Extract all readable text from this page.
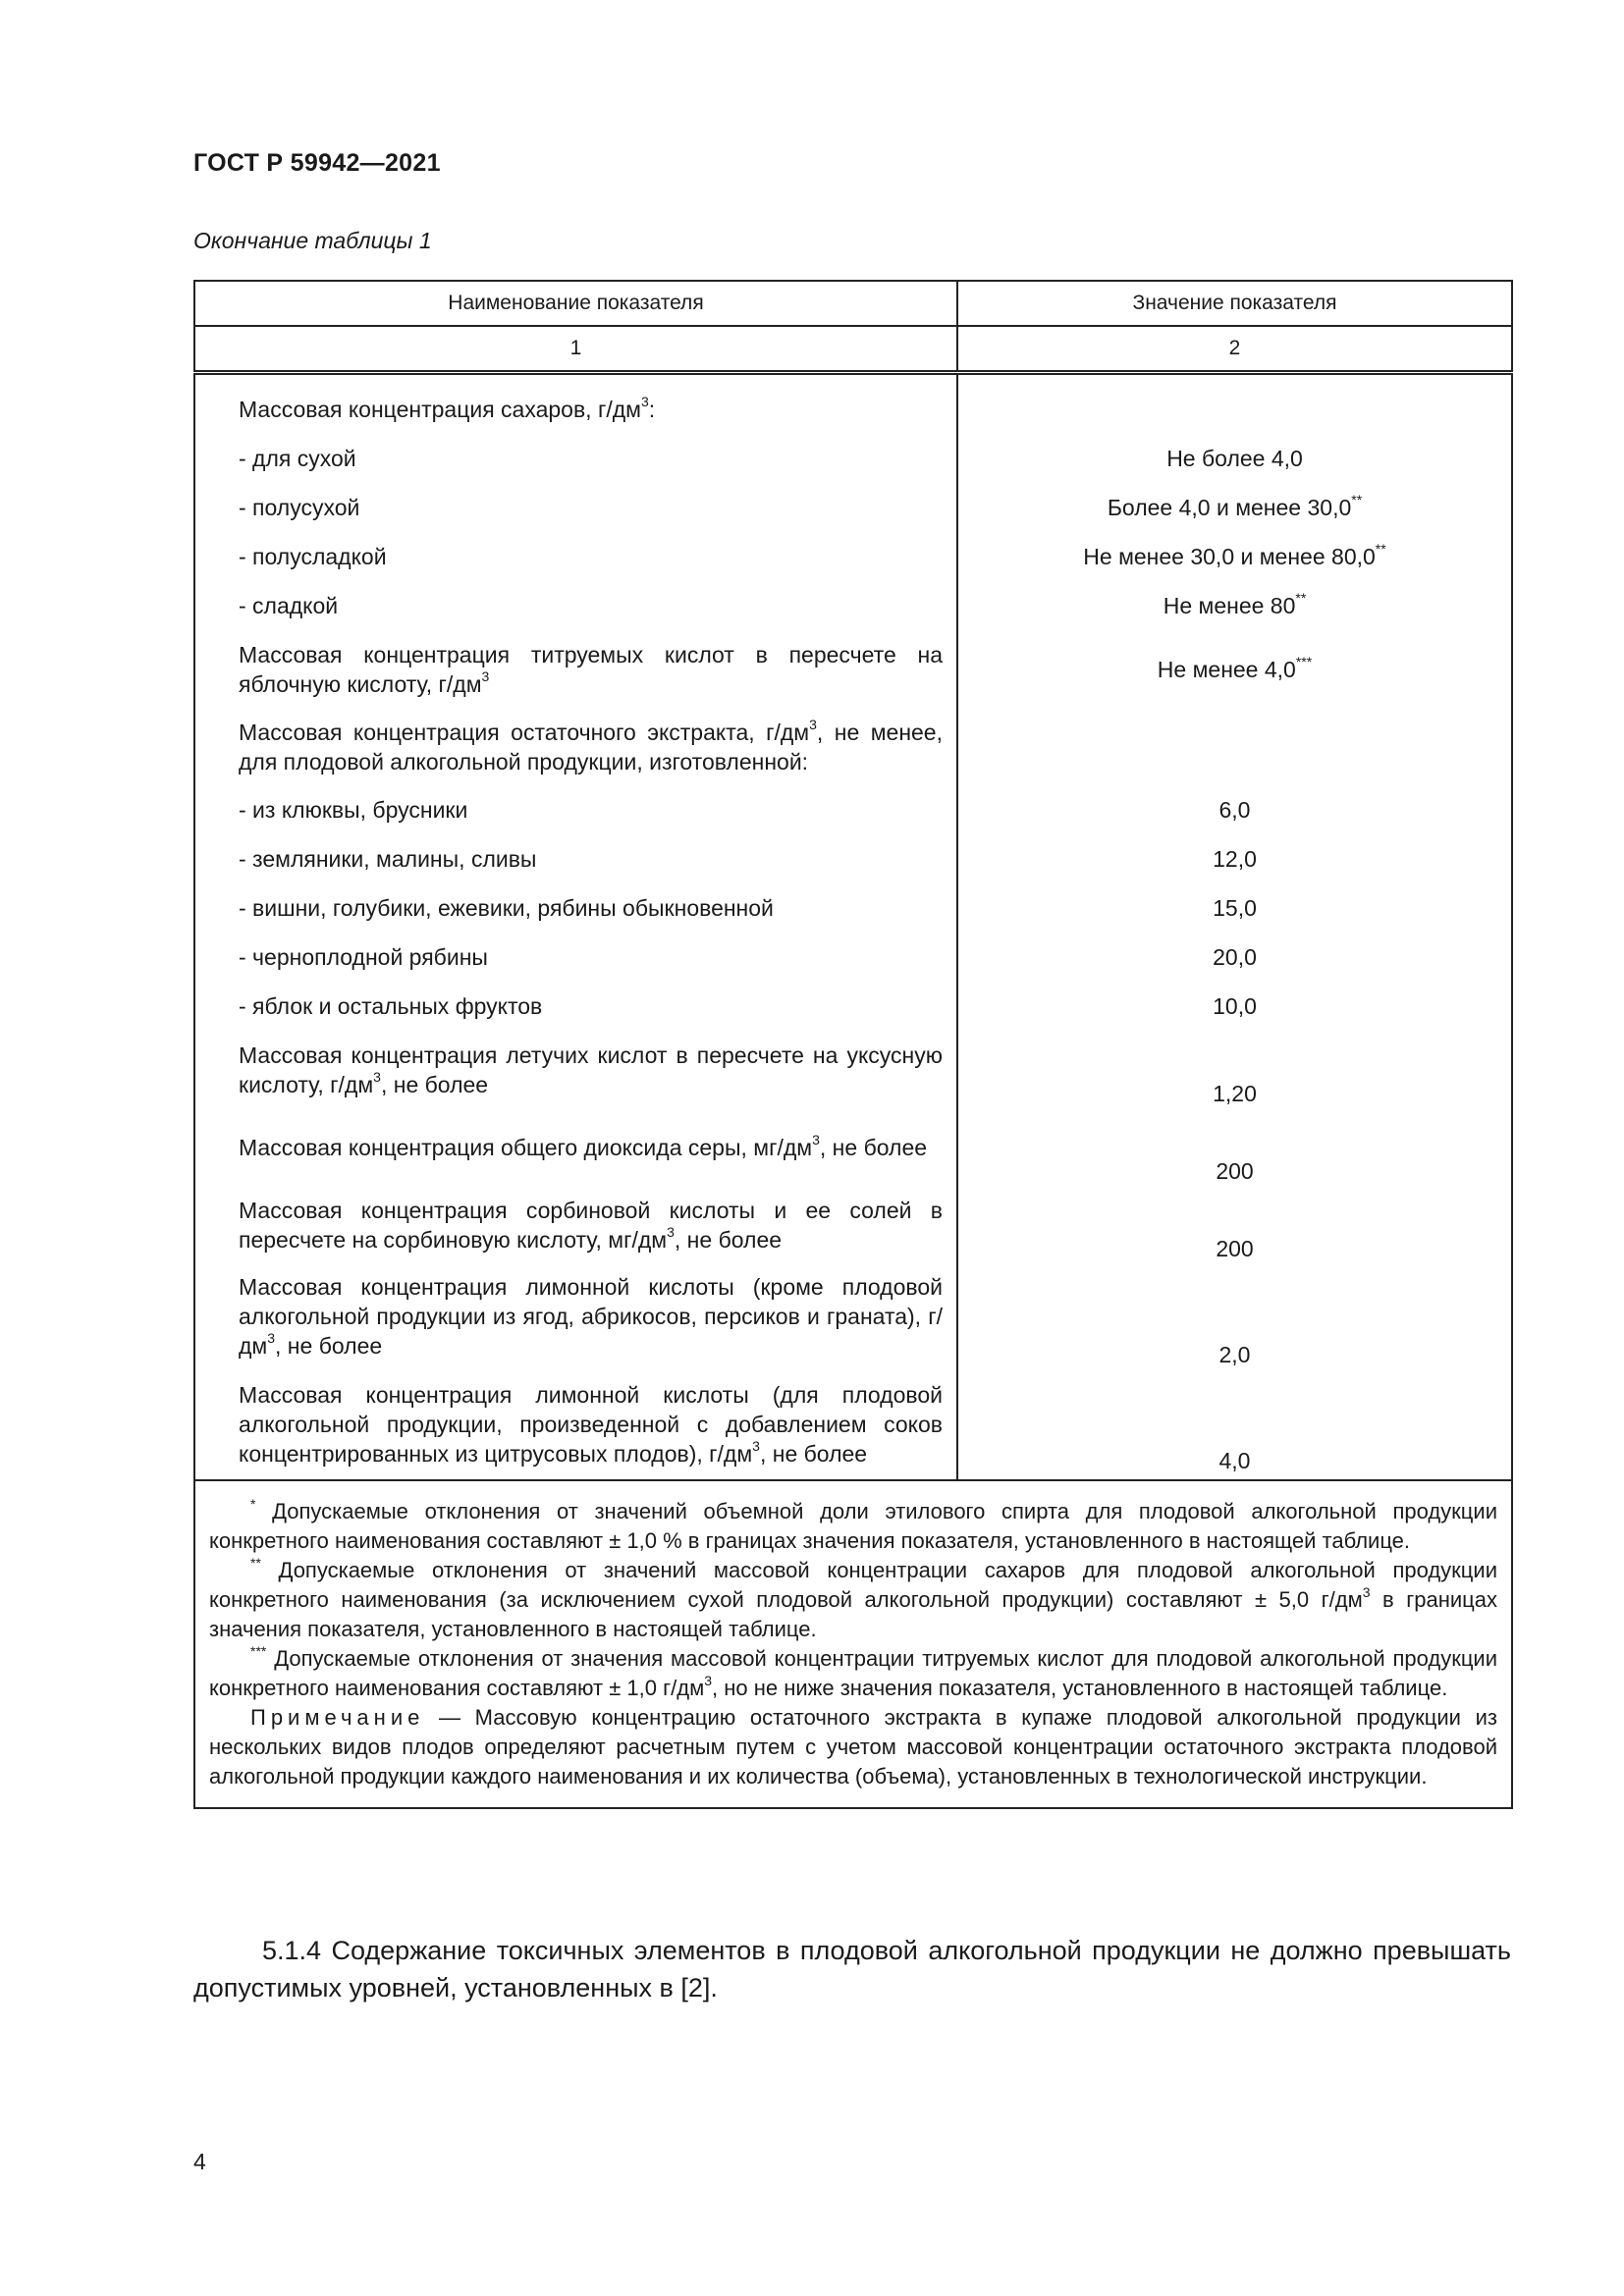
ГОСТ Р 59942—2021
Окончание таблицы 1
Наименование показателя	Значение показателя
1	2

Массовая концентрация сахаров, $г/дм^3$:	

- для сухой	Не более 4,0
- полусухой	Более 4,0 и менее 30,0**
- полусладкой	Не менее 30,0 и менее 80,0**
- сладкой	Не менее 80**

Массовая концентрация титруемых кислот в пересчете на яблочную кислоту, $г/дм^3$	Не менее 4,0***

Массовая концентрация остаточного экстракта, $г/дм^3$, не менее, для плодовой алкогольной продукции, изготовленной:	

- из клюквы, брусники	6,0
- земляники, малины, сливы	12,0
- вишни, голубики, ежевики, рябины обыкновенной	15,0
- черноплодной рябины	20,0
- яблок и остальных фруктов	10,0

Массовая концентрация летучих кислот в пересчете на уксусную кислоту, $г/дм^3$, не более	1,20

Массовая концентрация общего диоксида серы, $мг/дм^3$, не более	200

Массовая концентрация сорбиновой кислоты и ее солей в пересчете на сорбиновую кислоту, $мг/дм^3$, не более	200

Массовая концентрация лимонной кислоты (кроме плодовой алкогольной продукции из ягод, абрикосов, персиков и граната), $г/дм^3$, не более	2,0

Массовая концентрация лимонной кислоты (для плодовой алкогольной продукции, произведенной с добавлением соков концентрированных из цитрусовых плодов), $г/дм^3$, не более	4,0

* Допускаемые отклонения от значений объемной доли этилового спирта для плодовой алкогольной продукции конкретного наименования составляют ± 1,0 % в границах значения показателя, установленного в настоящей таблице.

** Допускаемые отклонения от значений массовой концентрации сахаров для плодовой алкогольной продукции конкретного наименования (за исключением сухой плодовой алкогольной продукции) составляют ± 5,0 $г/дм^3$ в границах значения показателя, установленного в настоящей таблице.

*** Допускаемые отклонения от значения массовой концентрации титруемых кислот для плодовой алкогольной продукции конкретного наименования составляют ± 1,0 $г/дм^3$, но не ниже значения показателя, установленного в настоящей таблице.

Примечание — Массовую концентрацию остаточного экстракта в купаже плодовой алкогольной продукции из нескольких видов плодов определяют расчетным путем с учетом массовой концентрации остаточного экстракта плодовой алкогольной продукции каждого наименования и их количества (объема), установленных в технологической инструкции.	

5.1.4 Содержание токсичных элементов в плодовой алкогольной продукции не должно превышать допустимых уровней, установленных в [2].

4
